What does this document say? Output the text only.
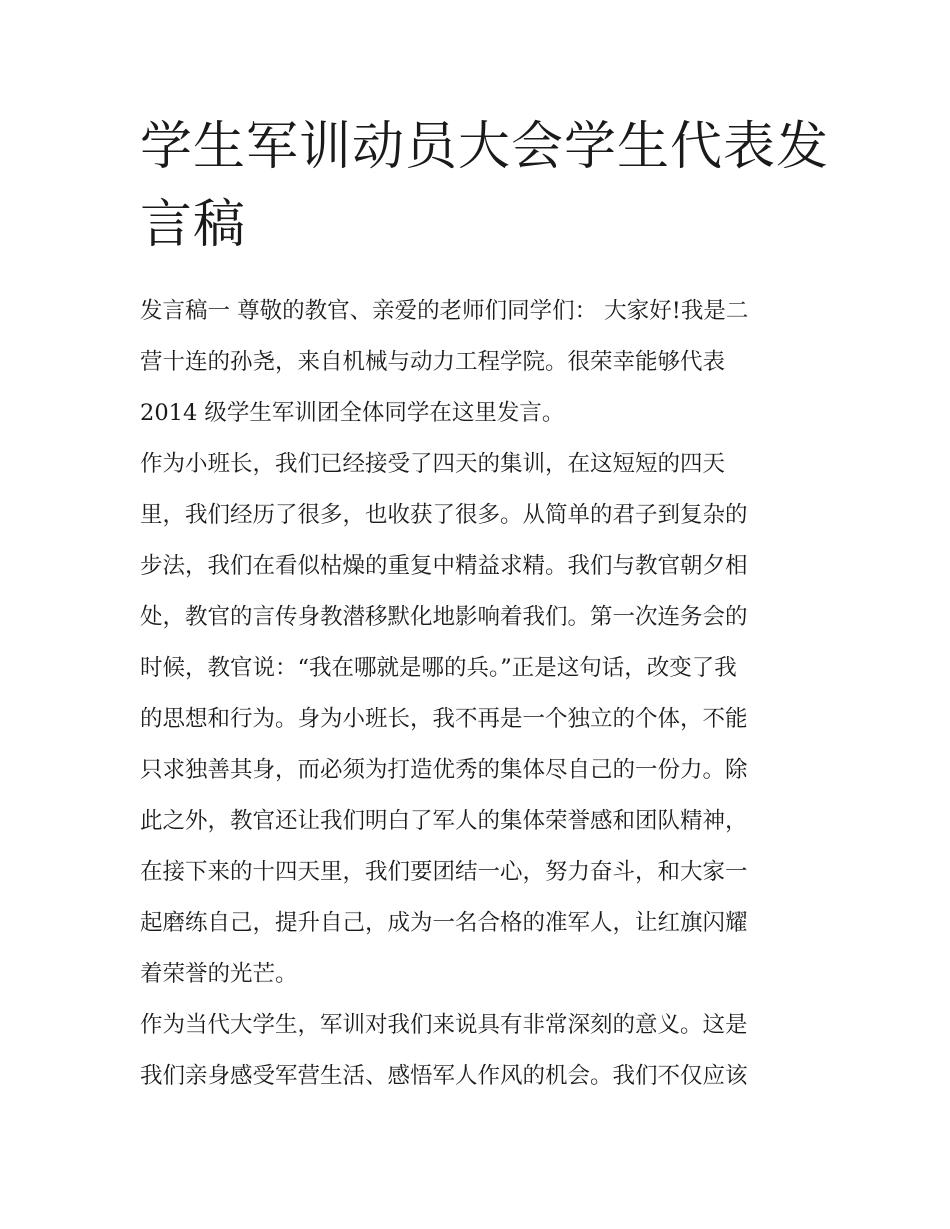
学生军训动员大会学生代表发
言稿

发言稿一 尊敬的教官、亲爱的老师们同学们： 大家好!我是二
营十连的孙尧，来自机械与动力工程学院。很荣幸能够代表
2014 级学生军训团全体同学在这里发言。

作为小班长，我们已经接受了四天的集训，在这短短的四天
里，我们经历了很多，也收获了很多。从简单的君子到复杂的
步法，我们在看似枯燥的重复中精益求精。我们与教官朝夕相
处，教官的言传身教潜移默化地影响着我们。第一次连务会的
时候，教官说：“我在哪就是哪的兵。”正是这句话，改变了我
的思想和行为。身为小班长，我不再是一个独立的个体，不能
只求独善其身，而必须为打造优秀的集体尽自己的一份力。除
此之外，教官还让我们明白了军人的集体荣誉感和团队精神，
在接下来的十四天里，我们要团结一心，努力奋斗，和大家一
起磨练自己，提升自己，成为一名合格的准军人，让红旗闪耀
着荣誉的光芒。

作为当代大学生，军训对我们来说具有非常深刻的意义。这是
我们亲身感受军营生活、感悟军人作风的机会。我们不仅应该
